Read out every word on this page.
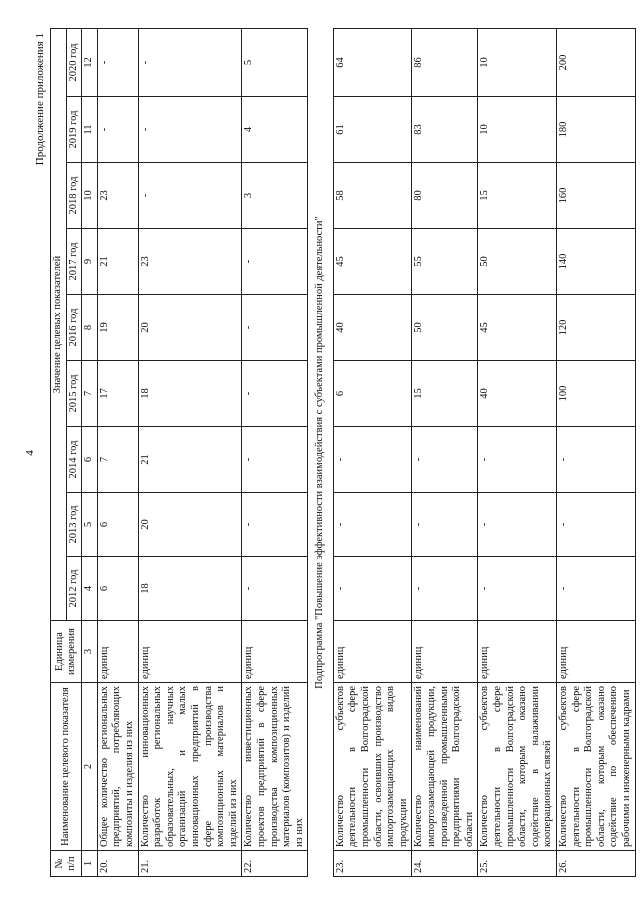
4
Продолжение приложения 1
№ п/п	Наименование целевого показателя	Единица измерения	Значение целевых показателей								
			2012 год	2013 год	2014 год	2015 год	2016 год	2017 год	2018 год	2019 год	2020 год
1	2	3	4	5	6	7	8	9	10	11	12
20.	Общее количество региональных предприятий, потребляющих композиты и изделия из них	единиц	6	6	7	17	19	21	23	-	-
21.	Количество инновационных разработок региональных образовательных, научных организаций и малых инновационных предприятий в сфере производства композиционных материалов и изделий из них	единиц	18	20	21	18	20	23	-	-	-
22.	Количество инвестиционных проектов предприятий в сфере производства композиционных материалов (композитов) и изделий из них	единиц	-	-	-	-	-	-	3	4	5
Подпрограмма "Повышение эффективности взаимодействия с субъектами промышленной деятельности"											
23.	Количество субъектов деятельности в сфере промышленности Волгоградской области, освоивших производство импортозамещающих видов продукции	единиц	-	-	-	6	40	45	58	61	64
24.	Количество наименований импортозамещающей продукции, произведенной промышленными предприятиями Волгоградской области	единиц	-	-	-	15	50	55	80	83	86
25.	Количество субъектов деятельности в сфере промышленности Волгоградской области, которым оказано содействие в налаживании кооперационных связей	единиц	-	-	-	40	45	50	15	10	10
26.	Количество субъектов деятельности в сфере промышленности Волгоградской области, которым оказано содействие по обеспечению рабочими и инженерными кадрами	единиц	-	-	-	100	120	140	160	180	200
